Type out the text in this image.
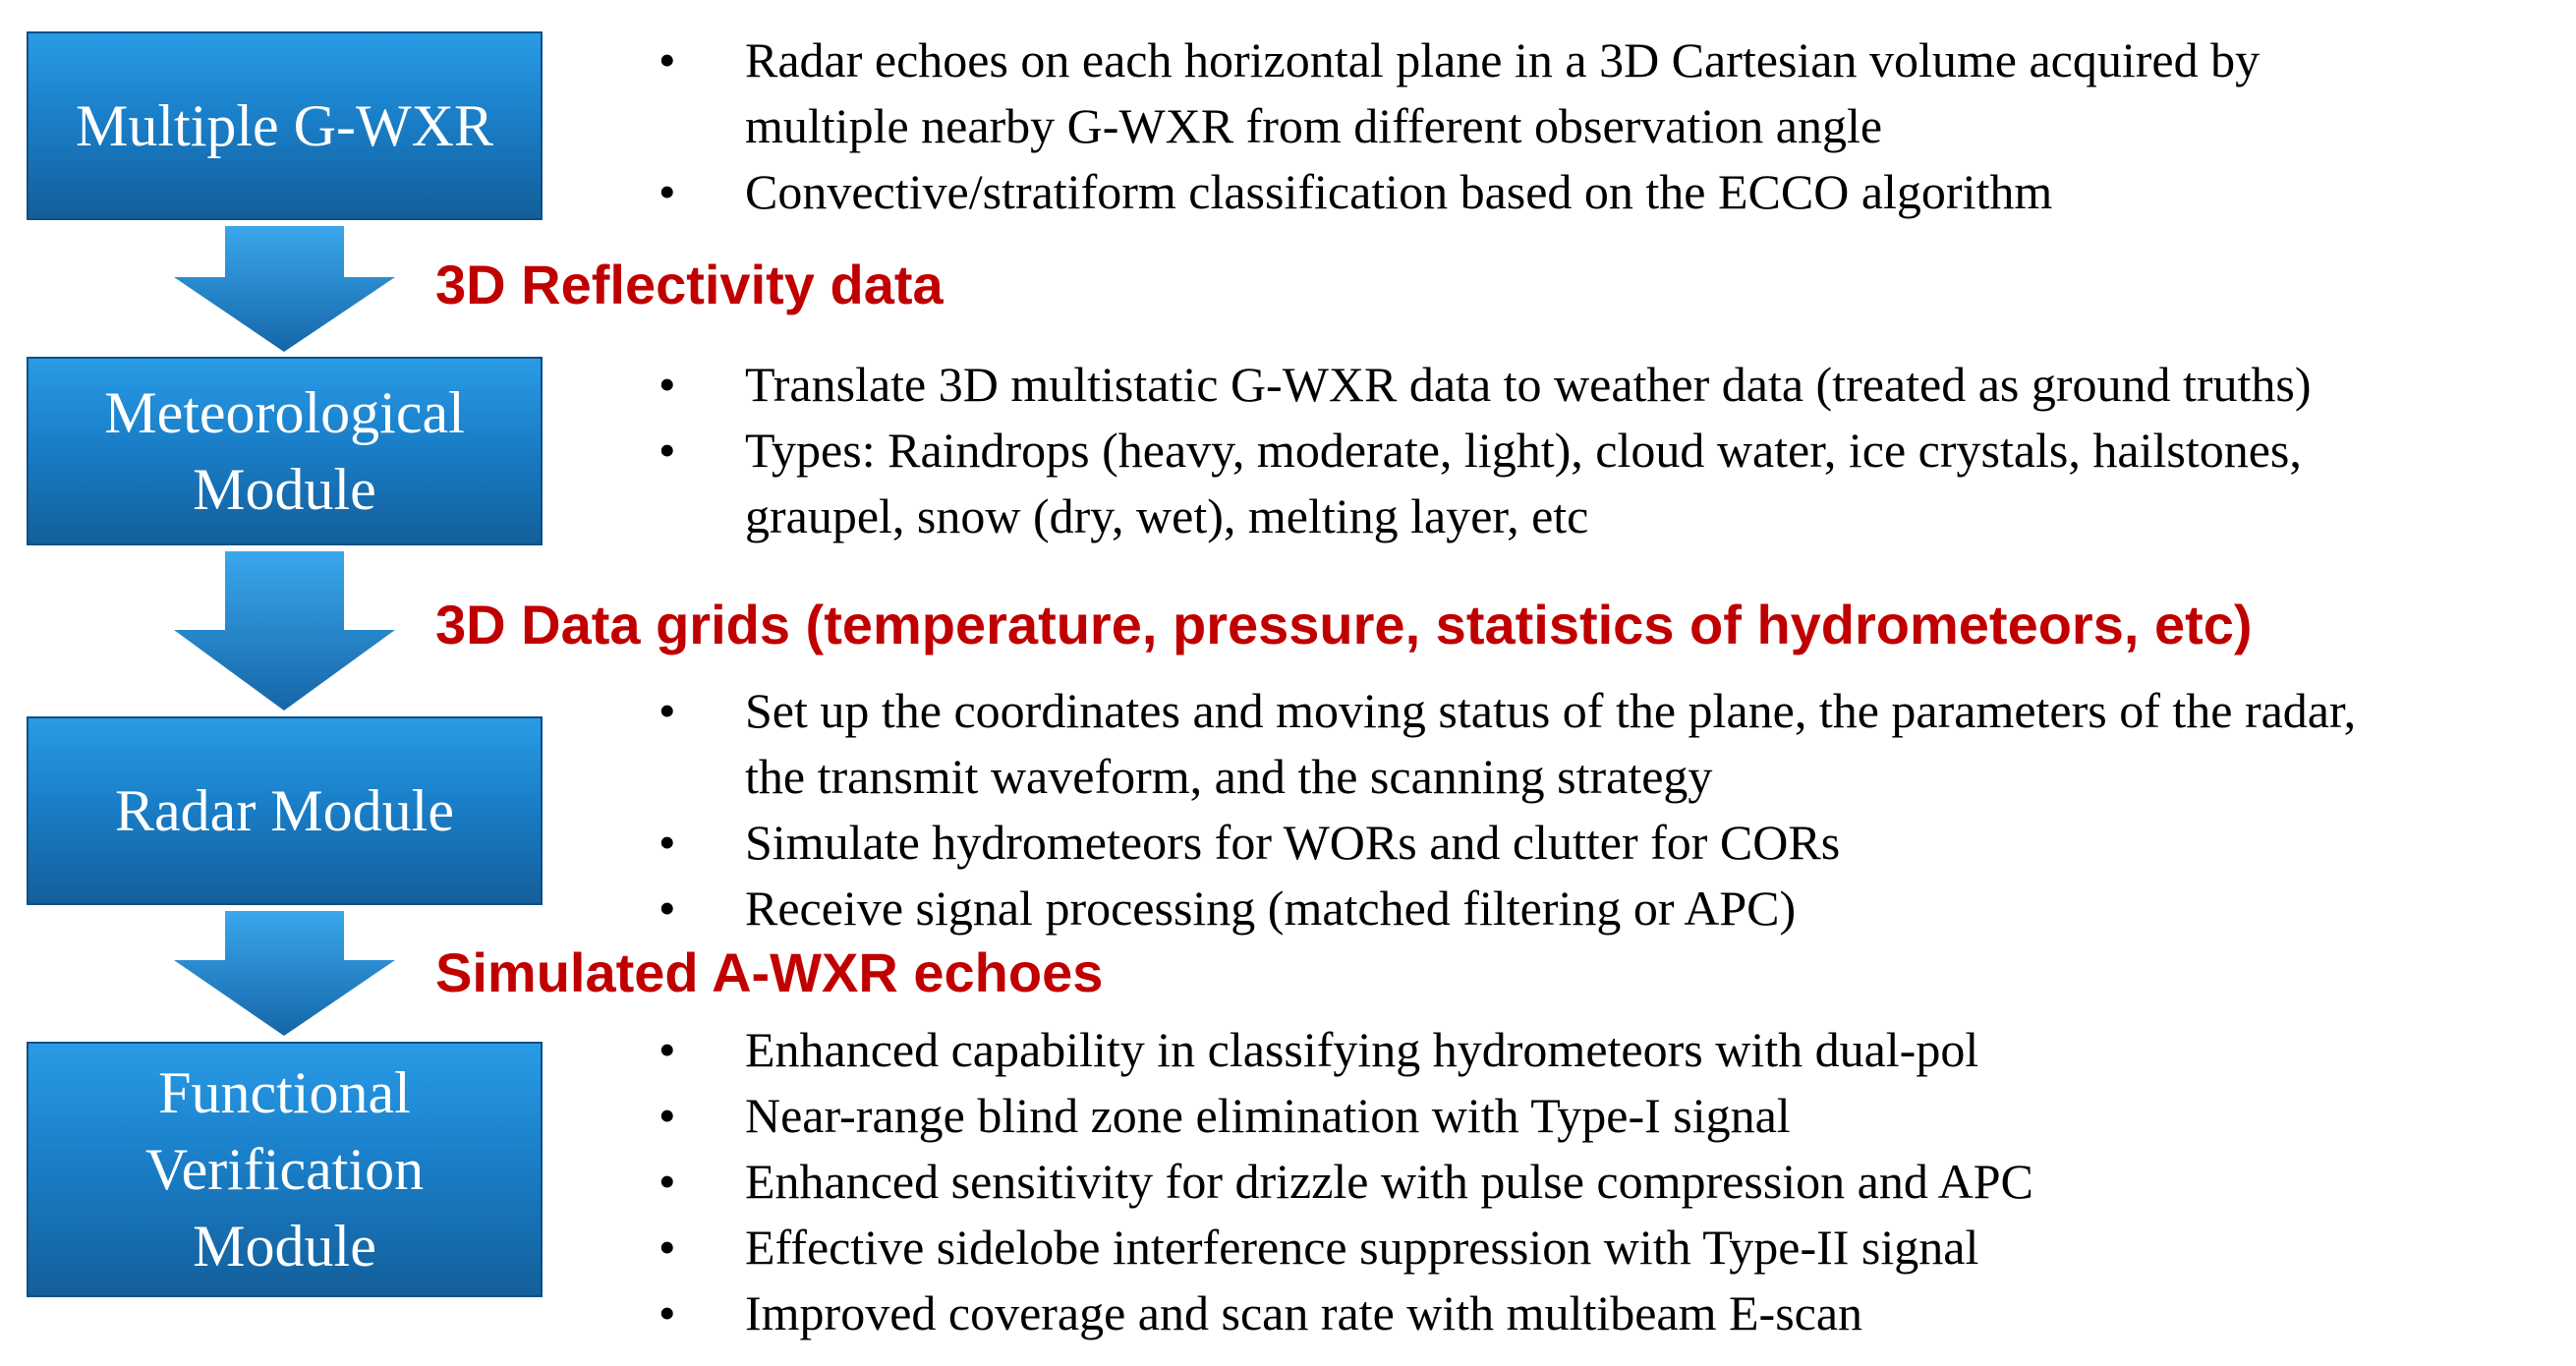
Multiple G-WXR
Meteorological
Module
Radar Module
Functional
Verification
Module
3D Reflectivity data
3D Data grids (temperature, pressure, statistics of hydrometeors, etc)
Simulated A-WXR echoes
• Radar echoes on each horizontal plane in a 3D Cartesian volume acquired by
multiple nearby G-WXR from different observation angle
• Convective/stratiform classification based on the ECCO algorithm
• Translate 3D multistatic G-WXR data to weather data (treated as ground truths)
• Types: Raindrops (heavy, moderate, light), cloud water, ice crystals, hailstones,
graupel, snow (dry, wet), melting layer, etc
• Set up the coordinates and moving status of the plane, the parameters of the radar,
the transmit waveform, and the scanning strategy
• Simulate hydrometeors for WORs and clutter for CORs
• Receive signal processing (matched filtering or APC)
• Enhanced capability in classifying hydrometeors with dual-pol
• Near-range blind zone elimination with Type-I signal
• Enhanced sensitivity for drizzle with pulse compression and APC
• Effective sidelobe interference suppression with Type-II signal
• Improved coverage and scan rate with multibeam E-scan
